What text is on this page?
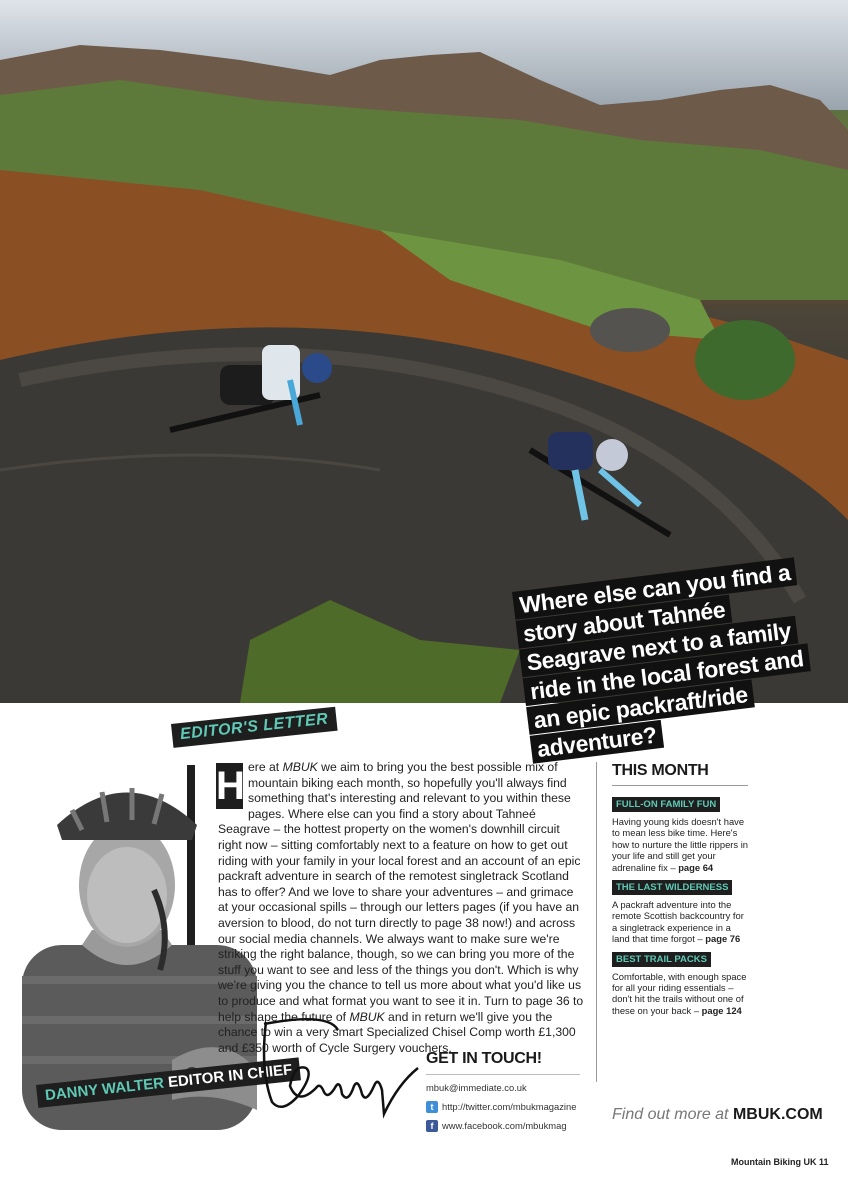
Where else can you find a story about Tahnée Seagrave next to a family ride in the local forest and an epic packraft/ride adventure?
EDITOR'S LETTER
DANNY WALTER EDITOR IN CHIEF
H ere at MBUK we aim to bring you the best possible mix of mountain biking each month, so hopefully you'll always find something that's interesting and relevant to you within these pages. Where else can you find a story about Tahneé Seagrave – the hottest property on the women's downhill circuit right now – sitting comfortably next to a feature on how to get out riding with your family in your local forest and an account of an epic packraft adventure in search of the remotest singletrack Scotland has to offer? And we love to share your adventures – and grimace at your occasional spills – through our letters pages (if you have an aversion to blood, do not turn directly to page 38 now!) and across our social media channels. We always want to make sure we're striking the right balance, though, so we can bring you more of the stuff you want to see and less of the things you don't. Which is why we're giving you the chance to tell us more about what you'd like us to produce and what format you want to see it in. Turn to page 36 to help shape the future of MBUK and in return we'll give you the chance to win a very smart Specialized Chisel Comp worth £1,300 and £350 worth of Cycle Surgery vouchers.
GET IN TOUCH!
mbuk@immediate.co.uk
t http://twitter.com/mbukmagazine
f www.facebook.com/mbukmag
THIS MONTH
FULL-ON FAMILY FUN

Having young kids doesn't have to mean less bike time. Here's how to nurture the little rippers in your life and still get your adrenaline fix – page 64

THE LAST WILDERNESS

A packraft adventure into the remote Scottish backcountry for a singletrack experience in a land that time forgot – page 76

BEST TRAIL PACKS

Comfortable, with enough space for all your riding essentials – don't hit the trails without one of these on your back – page 124

Find out more at MBUK.COM
Mountain Biking UK 11
